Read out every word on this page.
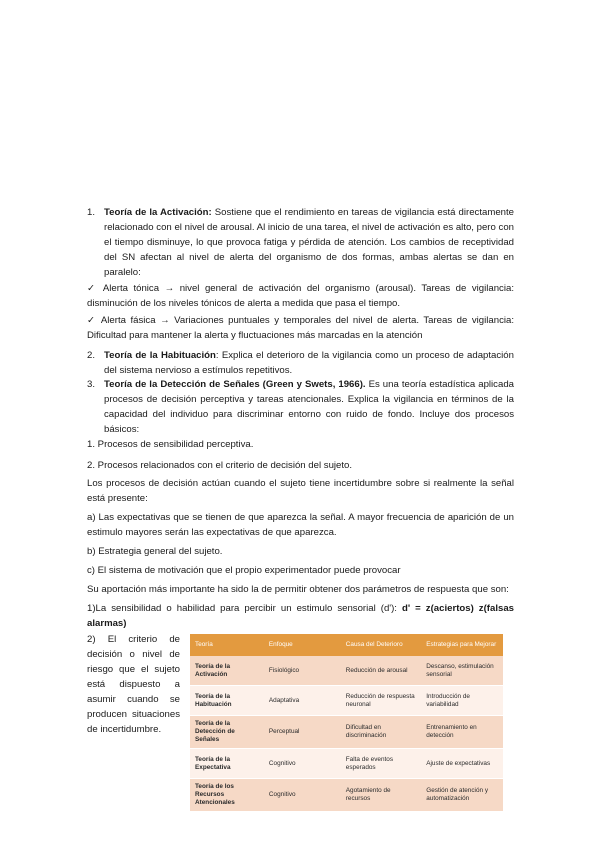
1. Teoría de la Activación: Sostiene que el rendimiento en tareas de vigilancia está directamente relacionado con el nivel de arousal. Al inicio de una tarea, el nivel de activación es alto, pero con el tiempo disminuye, lo que provoca fatiga y pérdida de atención. Los cambios de receptividad del SN afectan al nivel de alerta del organismo de dos formas, ambas alertas se dan en paralelo:
✓ Alerta tónica → nivel general de activación del organismo (arousal). Tareas de vigilancia: disminución de los niveles tónicos de alerta a medida que pasa el tiempo.
✓ Alerta fásica → Variaciones puntuales y temporales del nivel de alerta. Tareas de vigilancia: Dificultad para mantener la alerta y fluctuaciones más marcadas en la atención
2. Teoría de la Habituación: Explica el deterioro de la vigilancia como un proceso de adaptación del sistema nervioso a estímulos repetitivos.
3. Teoría de la Detección de Señales (Green y Swets, 1966). Es una teoría estadística aplicada procesos de decisión perceptiva y tareas atencionales. Explica la vigilancia en términos de la capacidad del individuo para discriminar entorno con ruido de fondo. Incluye dos procesos básicos:
1. Procesos de sensibilidad perceptiva.
2. Procesos relacionados con el criterio de decisión del sujeto.
Los procesos de decisión actúan cuando el sujeto tiene incertidumbre sobre si realmente la señal está presente:
a) Las expectativas que se tienen de que aparezca la señal. A mayor frecuencia de aparición de un estimulo mayores serán las expectativas de que aparezca.
b) Estrategia general del sujeto.
c) El sistema de motivación que el propio experimentador puede provocar
Su aportación más importante ha sido la de permitir obtener dos parámetros de respuesta que son:
1)La sensibilidad o habilidad para percibir un estimulo sensorial (d'): d' = z(aciertos) z(falsas alarmas)
2) El criterio de decisión o nivel de riesgo que el sujeto está dispuesto a asumir cuando se producen situaciones de incertidumbre.
Teoría	Enfoque	Causa del Deterioro	Estrategias para Mejorar
Teoría de la Activación	Fisiológico	Reducción de arousal	Descanso, estimulación sensorial
Teoría de la Habituación	Adaptativa	Reducción de respuesta neuronal	Introducción de variabilidad
Teoría de la Detección de Señales	Perceptual	Dificultad en discriminación	Entrenamiento en detección
Teoría de la Expectativa	Cognitivo	Falta de eventos esperados	Ajuste de expectativas
Teoría de los Recursos Atencionales	Cognitivo	Agotamiento de recursos	Gestión de atención y automatización
